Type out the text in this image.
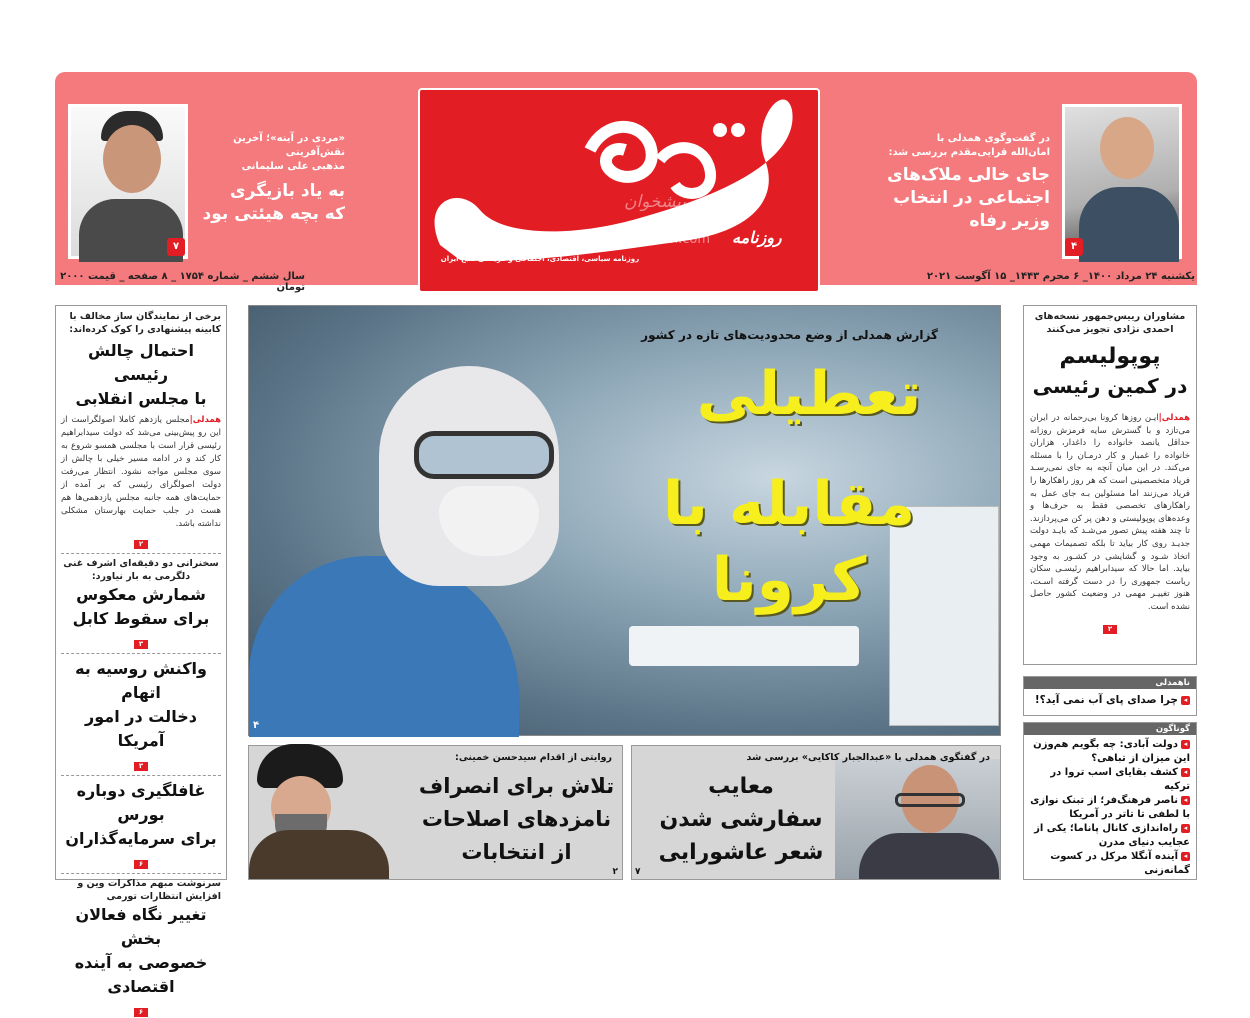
۴
در گفت‌وگوی همدلی با
امان‌الله قرایی‌مقدم بررسی شد:
جای خالی ملاک‌های
اجتماعی در انتخاب وزیر رفاه
۷
«مردی در آینه»؛ آخرین نقش‌آفرینی
مذهبی علی سلیمانی
به یاد بازیگری
که بچه هیئتی بود
روزنامه
پیشخوان
Pishkhan.com
روزنامه سیاسی، اقتصادی، اجتماعی و فرهنگی صبح ایران
یکشنبه ۲۴ مرداد ۱۴۰۰_ ۶ محرم ۱۴۴۳_ ۱۵ آگوست ۲۰۲۱
سال ششم _ شماره ۱۷۵۴ _ ۸ صفحه _ قیمت ۲۰۰۰ تومان
برخی از نمایندگان ساز مخالف با کابینه پیشنهادی را کوک کرده‌اند:
احتمال چالش رئیسی
با مجلس انقلابی
همدلی|مجلس یازدهم کاملا اصولگراست از این رو پیش‌بینی می‌شد که دولت سیدابراهیم رئیسی قرار است با مجلسی همسو شروع به کار کند و در ادامه مسیر خیلی با چالش از سوی مجلس مواجه نشود. انتظار می‌رفت دولت اصولگرای رئیسی که بر آمده از حمایت‌های همه جانبه مجلس یازدهمی‌ها هم هست در جلب حمایت بهارستان مشکلی نداشته باشد.
۲
سخنرانی دو دقیقه‌ای اشرف غنی دلگرمی به بار نیاورد:
شمارش معکوس
برای سقوط کابل
۳
واکنش روسیه به اتهام
دخالت در امور آمریکا
۳
غافلگیری دوباره بورس
برای سرمایه‌گذاران
۶
سرنوشت مبهم مذاکرات وین و افزایش انتظارات تورمی
تغییر نگاه فعالان بخش
خصوصی به آینده اقتصادی
۶
گزارش همدلی از وضع محدودیت‌های تازه در کشور
تعطیلی
مقابله با کرونا
۴
مشاوران رییس‌جمهور نسخه‌های احمدی نژادی تجویز می‌کنند
پوپولیسم
در کمین رئیسی
همدلی|ایـن روزها کرونا بی‌رحمانه در ایران می‌تازد و با گسترش سایه فرمزش روزانه حداقل یانصد خانواده را داغدار، هزاران خانواده را غمبار و کار درمـان را با مسئله می‌کند. در این میان آنچه به جای نمی‌رسـد فریاد متخصصینی است که هر روز راهکارها را فریاد می‌زنند اما مسئولین بـه جای عمل به راهکارهای تخصصی فقط به حرف‌ها و وعده‌های پوپولیستی و دهن پر کن می‌پردازند. تا چند هفته پیش تصور می‌شـد که بایـد دولت جدیـد روی کار بیاید تا بلکه تصمیمات مهمی اتخاذ شـود و گشایشی در کشـور به وجود بیاید. اما حالا که سیدابراهیم رئیسـی سکان ریاست جمهوری را در دست گرفته اسـت، هنوز تغییـر مهمی در وضعیت کشور حاصل نشده است.
۲
ناهمدلی
◂چرا صدای پای آب نمی آید؟!
گوناگون
◂دولت آبادی: چه بگویم هم‌وزن این میزان از تباهی؟
◂کشف بقایای اسب تروا در ترکیه
◂ناصر فرهنگ‌فر؛ از تبنک نوازی با لطفی تا تاتر در آمریکا
◂راه‌اندازی کانال پاناما؛ یکی از عجایب دنیای مدرن
◂آینده آنگلا مرکل در کسوت گمانه‌زنی
در گفتگوی همدلی با «عبدالجبار کاکایی» بررسی شد
معایب
سفارشی شدن
شعر عاشورایی
۷
روایتی از اقدام سیدحسن خمینی:
تلاش برای انصراف
نامزدهای اصلاحات
از انتخابات
۲
